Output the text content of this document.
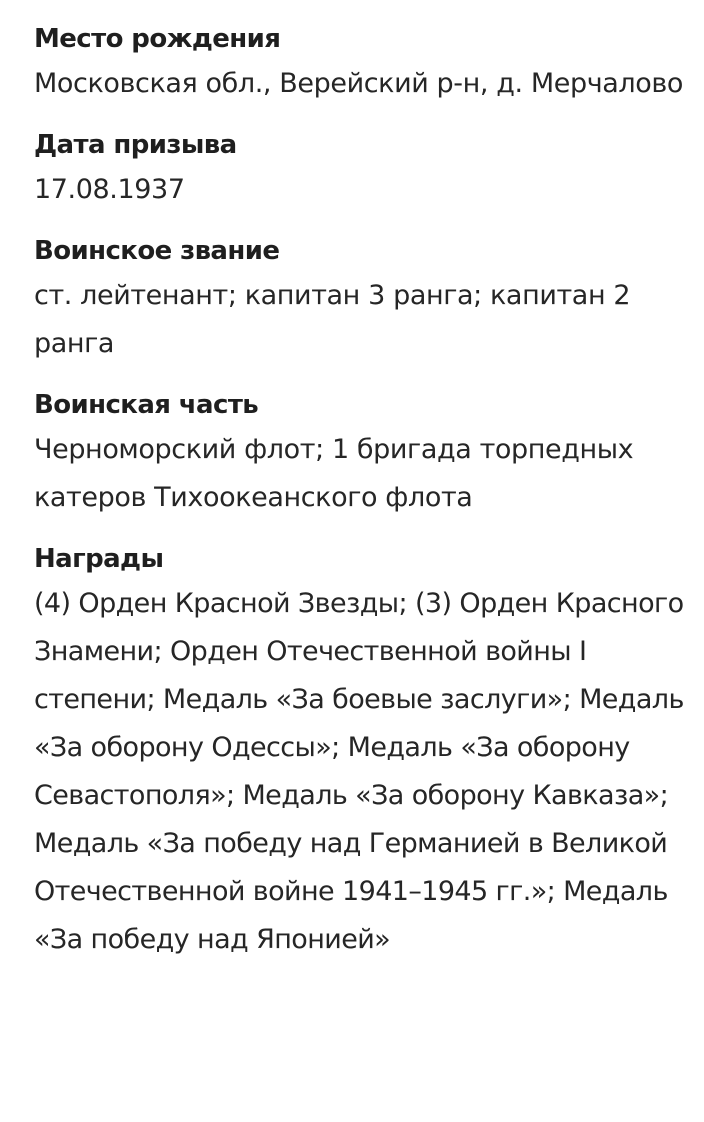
Место рождения
Московская обл., Верейский р-н, д. Мерчалово
Дата призыва
17.08.1937
Воинское звание
ст. лейтенант; капитан 3 ранга; капитан 2 ранга
Воинская часть
Черноморский флот; 1 бригада торпедных катеров Тихоокеанского флота
Награды
(4) Орден Красной Звезды; (3) Орден Красного Знамени; Орден Отечественной войны I степени; Медаль «За боевые заслуги»; Медаль «За оборону Одессы»; Медаль «За оборону Севастополя»; Медаль «За оборону Кавказа»; Медаль «За победу над Германией в Великой Отечественной войне 1941–1945 гг.»; Медаль «За победу над Японией»
